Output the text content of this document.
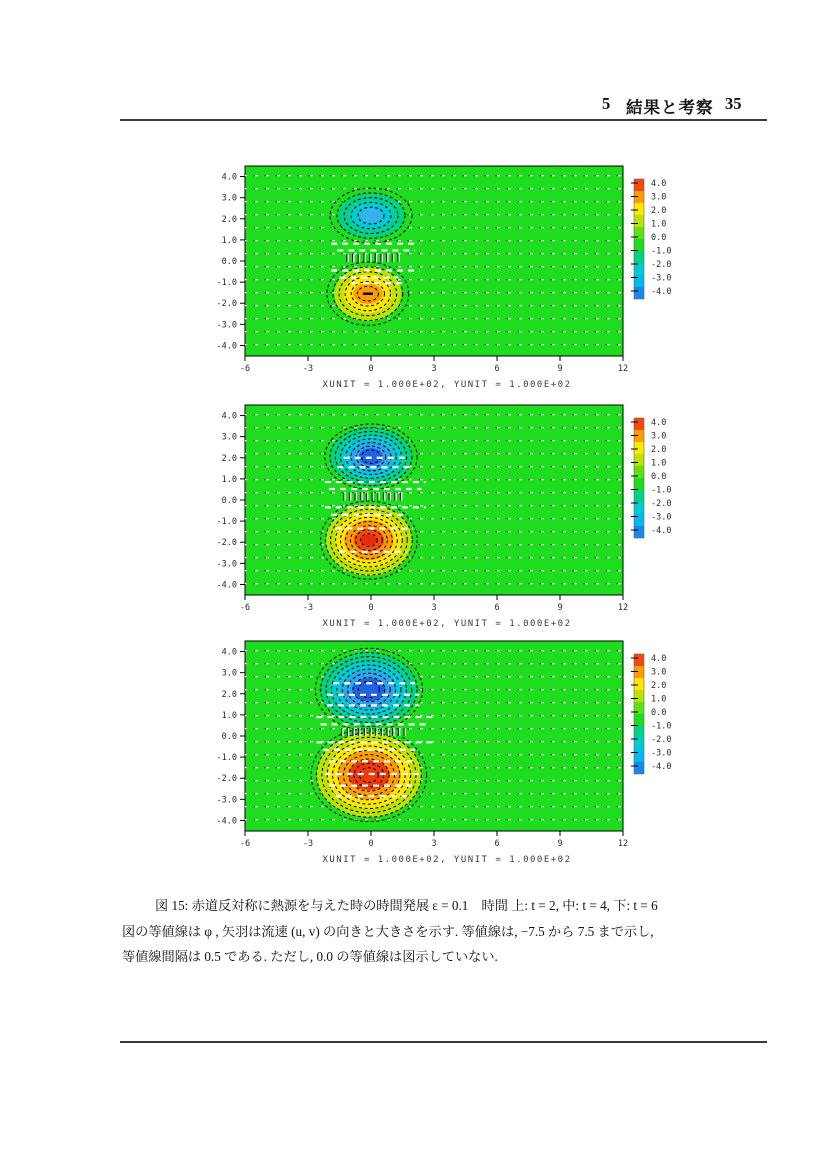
5 結果と考察 35
-6	-3	0	3	6	9	12
4.0
3.0
2.0
1.0
0.0
-1.0
-2.0
-3.0
-4.0
4.0
3.0
2.0
1.0
0.0
-1.0
-2.0
-3.0
-4.0
XUNIT = 1.000E+02, YUNIT = 1.000E+02
-6	-3	0	3	6	9	12
4.0
3.0
2.0
1.0
0.0
-1.0
-2.0
-3.0
-4.0
4.0
3.0
2.0
1.0
0.0
-1.0
-2.0
-3.0
-4.0
XUNIT = 1.000E+02, YUNIT = 1.000E+02
-6	-3	0	3	6	9	12
4.0
3.0
2.0
1.0
0.0
-1.0
-2.0
-3.0
-4.0
4.0
3.0
2.0
1.0
0.0
-1.0
-2.0
-3.0
-4.0
XUNIT = 1.000E+02, YUNIT = 1.000E+02
図 15: 赤道反対称に熱源を与えた時の時間発展 ε = 0.1　時間 上: t = 2, 中: t = 4, 下: t = 6
図の等値線は φ , 矢羽は流速 (u, v) の向きと大きさを示す. 等値線は, −7.5 から 7.5 まで示し,
等値線間隔は 0.5 である. ただし, 0.0 の等値線は図示していない.
